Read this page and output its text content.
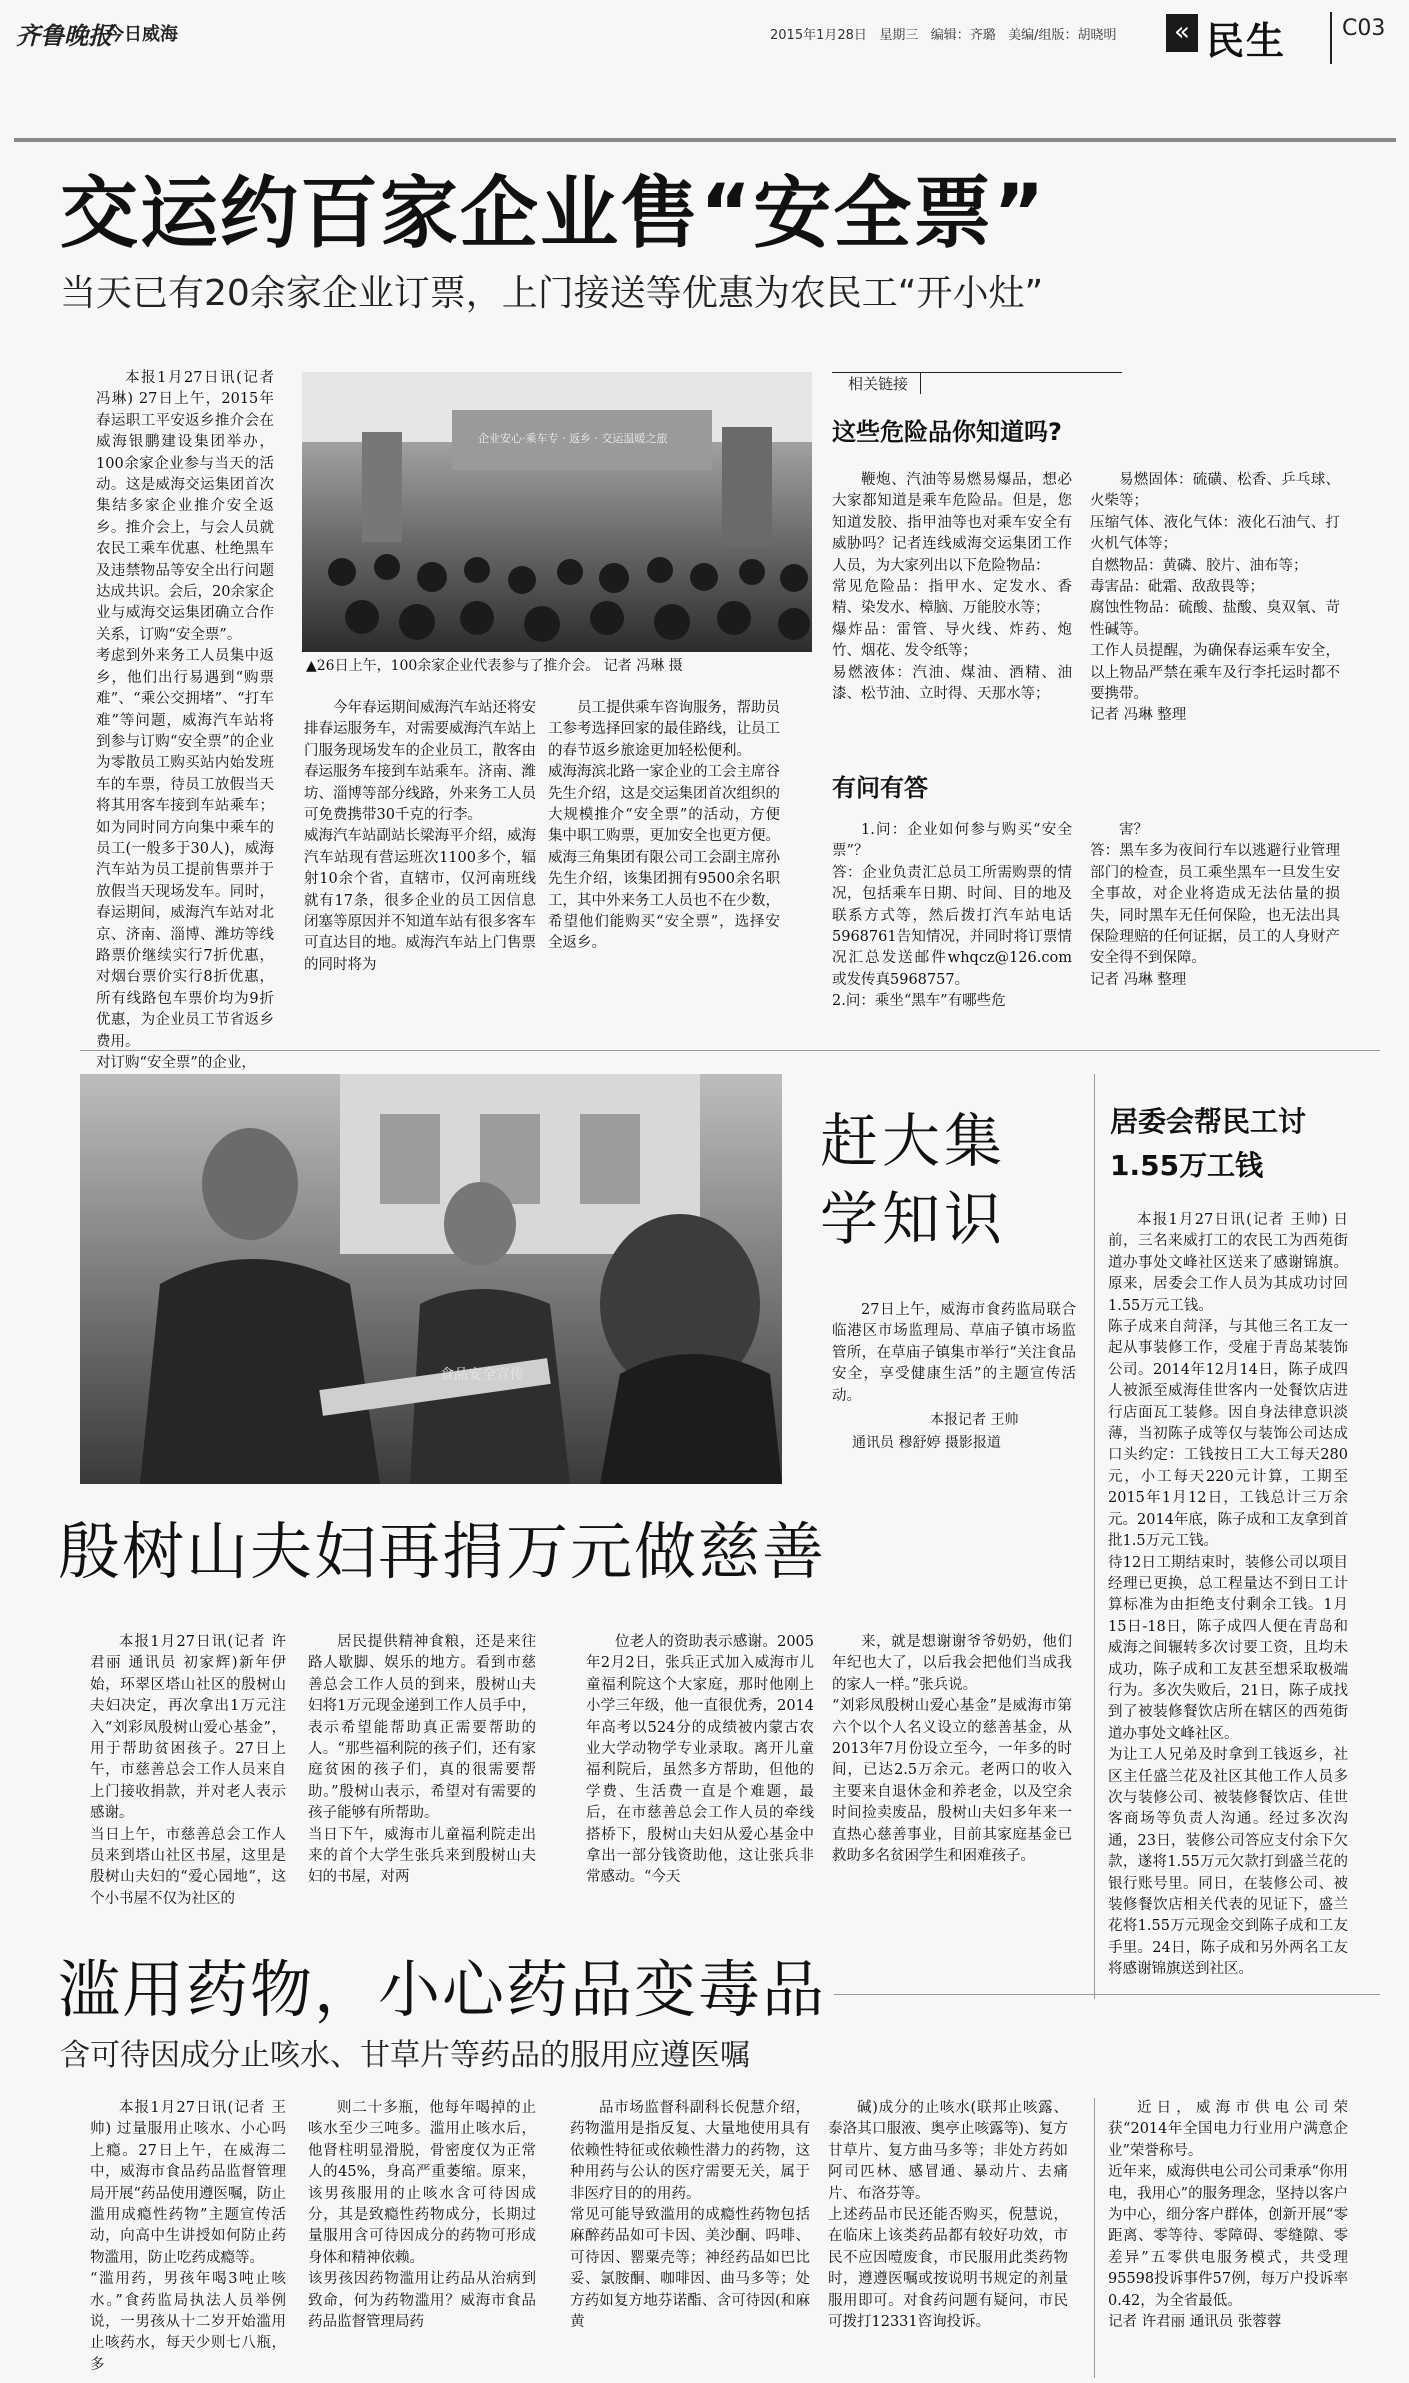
齐鲁晚报
今日威海	2015年1月28日 星期三 编辑：齐璐 美编/组版：胡晓明	« 民生	C03
交运约百家企业售“安全票”
当天已有20余家企业订票，上门接送等优惠为农民工“开小灶”

本报1月27日讯(记者 冯琳) 27日上午，2015年春运职工平安返乡推介会在威海银鹏建设集团举办，100余家企业参与当天的活动。这是威海交运集团首次集结多家企业推介安全返乡。推介会上，与会人员就农民工乘车优惠、杜绝黑车及违禁物品等安全出行问题达成共识。会后，20余家企业与威海交运集团确立合作关系，订购“安全票”。
考虑到外来务工人员集中返乡，他们出行易遇到“购票难”、“乘公交拥堵”、“打车难”等问题，威海汽车站将到参与订购“安全票”的企业为零散员工购买站内始发班车的车票，待员工放假当天将其用客车接到车站乘车；如为同时同方向集中乘车的员工(一般多于30人)，威海汽车站为员工提前售票并于放假当天现场发车。同时，春运期间，威海汽车站对北京、济南、淄博、潍坊等线路票价继续实行7折优惠，对烟台票价实行8折优惠，所有线路包车票价均为9折优惠，为企业员工节省返乡费用。
对订购“安全票”的企业，

企业安心·乘车专 · 返乡 · 交运温暖之旅
▲26日上午，100余家企业代表参与了推介会。 记者 冯琳 摄

今年春运期间威海汽车站还将安排春运服务车，对需要威海汽车站上门服务现场发车的企业员工，散客由春运服务车接到车站乘车。济南、潍坊、淄博等部分线路，外来务工人员可免费携带30千克的行李。
威海汽车站副站长梁海平介绍，威海汽车站现有营运班次1100多个，辐射10余个省，直辖市，仅河南班线就有17条，很多企业的员工因信息闭塞等原因并不知道车站有很多客车可直达目的地。威海汽车站上门售票的同时将为

员工提供乘车咨询服务，帮助员工参考选择回家的最佳路线，让员工的春节返乡旅途更加轻松便利。
威海海滨北路一家企业的工会主席谷先生介绍，这是交运集团首次组织的大规模推介“安全票”的活动，方便集中职工购票，更加安全也更方便。威海三角集团有限公司工会副主席孙先生介绍，该集团拥有9500余名职工，其中外来务工人员也不在少数，希望他们能购买“安全票”，选择安全返乡。

相关链接
这些危险品你知道吗?

鞭炮、汽油等易燃易爆品，想必大家都知道是乘车危险品。但是，您知道发胶、指甲油等也对乘车安全有威胁吗？记者连线威海交运集团工作人员，为大家列出以下危险物品：
常见危险品：指甲水、定发水、香精、染发水、樟脑、万能胶水等；
爆炸品：雷管、导火线、炸药、炮竹、烟花、发令纸等；
易燃液体：汽油、煤油、酒精、油漆、松节油、立时得、天那水等；

易燃固体：硫磺、松香、乒乓球、火柴等；
压缩气体、液化气体：液化石油气、打火机气体等；
自燃物品：黄磷、胶片、油布等；
毒害品：砒霜、敌敌畏等；
腐蚀性物品：硫酸、盐酸、臭双氧、苛性碱等。
工作人员提醒，为确保春运乘车安全，以上物品严禁在乘车及行李托运时都不要携带。
记者 冯琳 整理

有问有答

1.问：企业如何参与购买“安全票”？
答：企业负责汇总员工所需购票的情况，包括乘车日期、时间、目的地及联系方式等，然后拨打汽车站电话5968761告知情况，并同时将订票情况汇总发送邮件whqcz@126.com或发传真5968757。
2.问：乘坐“黑车”有哪些危

害？
答：黑车多为夜间行车以逃避行业管理部门的检查，员工乘坐黑车一旦发生安全事故，对企业将造成无法估量的损失，同时黑车无任何保险，也无法出具保险理赔的任何证据，员工的人身财产安全得不到保障。
记者 冯琳 整理

食品安全宣传
赶大集
学知识

27日上午，威海市食药监局联合临港区市场监理局、草庙子镇市场监管所，在草庙子镇集市举行“关注食品安全，享受健康生活”的主题宣传活动。

本报记者 王帅
通讯员 穆舒婷 摄影报道
居委会帮民工讨1.55万工钱

本报1月27日讯(记者 王帅) 日前，三名来威打工的农民工为西苑街道办事处文峰社区送来了感谢锦旗。原来，居委会工作人员为其成功讨回1.55万元工钱。
陈子成来自菏泽，与其他三名工友一起从事装修工作，受雇于青岛某装饰公司。2014年12月14日，陈子成四人被派至威海佳世客内一处餐饮店进行店面瓦工装修。因自身法律意识淡薄，当初陈子成等仅与装饰公司达成口头约定：工钱按日工大工每天280元，小工每天220元计算，工期至2015年1月12日，工钱总计三万余元。2014年底，陈子成和工友拿到首批1.5万元工钱。
待12日工期结束时，装修公司以项目经理已更换，总工程量达不到日工计算标准为由拒绝支付剩余工钱。1月15日-18日，陈子成四人便在青岛和威海之间辗转多次讨要工资，且均未成功，陈子成和工友甚至想采取极端行为。多次失败后，21日，陈子成找到了被装修餐饮店所在辖区的西苑街道办事处文峰社区。
为让工人兄弟及时拿到工钱返乡，社区主任盛兰花及社区其他工作人员多次与装修公司、被装修餐饮店、佳世客商场等负责人沟通。经过多次沟通，23日，装修公司答应支付余下欠款，遂将1.55万元欠款打到盛兰花的银行账号里。同日，在装修公司、被装修餐饮店相关代表的见证下，盛兰花将1.55万元现金交到陈子成和工友手里。24日，陈子成和另外两名工友将感谢锦旗送到社区。

殷树山夫妇再捐万元做慈善

本报1月27日讯(记者 许君丽 通讯员 初家辉)新年伊始，环翠区塔山社区的殷树山夫妇决定，再次拿出1万元注入“刘彩凤殷树山爱心基金”，用于帮助贫困孩子。27日上午，市慈善总会工作人员来自上门接收捐款，并对老人表示感谢。
当日上午，市慈善总会工作人员来到塔山社区书屋，这里是殷树山夫妇的“爱心园地”，这个小书屋不仅为社区的

居民提供精神食粮，还是来往路人歇脚、娱乐的地方。看到市慈善总会工作人员的到来，殷树山夫妇将1万元现金递到工作人员手中，表示希望能帮助真正需要帮助的人。“那些福利院的孩子们，还有家庭贫困的孩子们，真的很需要帮助。”殷树山表示，希望对有需要的孩子能够有所帮助。
当日下午，威海市儿童福利院走出来的首个大学生张兵来到殷树山夫妇的书屋，对两

位老人的资助表示感谢。2005年2月2日，张兵正式加入威海市儿童福利院这个大家庭，那时他刚上小学三年级，他一直很优秀，2014年高考以524分的成绩被内蒙古农业大学动物学专业录取。离开儿童福利院后，虽然多方帮助，但他的学费、生活费一直是个难题，最后，在市慈善总会工作人员的牵线搭桥下，殷树山夫妇从爱心基金中拿出一部分钱资助他，这让张兵非常感动。“今天

来，就是想谢谢爷爷奶奶，他们年纪也大了，以后我会把他们当成我的家人一样。”张兵说。
“刘彩凤殷树山爱心基金”是威海市第六个以个人名义设立的慈善基金，从2013年7月份设立至今，一年多的时间，已达2.5万余元。老两口的收入主要来自退休金和养老金，以及空余时间捡卖废品，殷树山夫妇多年来一直热心慈善事业，目前其家庭基金已救助多名贫困学生和困难孩子。

滥用药物，小心药品变毒品
含可待因成分止咳水、甘草片等药品的服用应遵医嘱

本报1月27日讯(记者 王帅) 过量服用止咳水、小心吗上瘾。27日上午，在威海二中，威海市食品药品监督管理局开展“药品使用遵医嘱，防止滥用成瘾性药物”主题宣传活动，向高中生讲授如何防止药物滥用，防止吃药成瘾等。
“滥用药，男孩年喝3吨止咳水。”食药监局执法人员举例说，一男孩从十二岁开始滥用止咳药水，每天少则七八瓶，多

则二十多瓶，他每年喝掉的止咳水至少三吨多。滥用止咳水后，他肾柱明显滑脱，骨密度仅为正常人的45%，身高严重萎缩。原来，该男孩服用的止咳水含可待因成分，其是致瘾性药物成分，长期过量服用含可待因成分的药物可形成身体和精神依赖。
该男孩因药物滥用让药品从治病到致命，何为药物滥用？威海市食品药品监督管理局药

品市场监督科副科长倪慧介绍，药物滥用是指反复、大量地使用具有依赖性特征或依赖性潜力的药物，这种用药与公认的医疗需要无关，属于非医疗目的的用药。
常见可能导致滥用的成瘾性药物包括麻醉药品如可卡因、美沙酮、吗啡、可待因、罂粟壳等；神经药品如巴比妥、氯胺酮、咖啡因、曲马多等；处方药如复方地芬诺酯、含可待因(和麻黄

碱)成分的止咳水(联邦止咳露、泰洛其口服液、奥亭止咳露等)、复方甘草片、复方曲马多等；非处方药如阿司匹林、感冒通、暴动片、去痛片、布洛芬等。
上述药品市民还能否购买，倪慧说，在临床上该类药品都有较好功效，市民不应因噎废食，市民服用此类药物时，遵遵医嘱或按说明书规定的剂量服用即可。对食药问题有疑问，市民可拨打12331咨询投诉。

近日，威海市供电公司荣获“2014年全国电力行业用户满意企业”荣誉称号。
近年来，威海供电公司公司秉承“你用电，我用心”的服务理念，坚持以客户为中心，细分客户群体，创新开展“零距离、零等待、零障碍、零缝隙、零差异”五零供电服务模式，共受理95598投诉事件57例，每万户投诉率0.42，为全省最低。
记者 许君丽 通讯员 张蓉蓉
